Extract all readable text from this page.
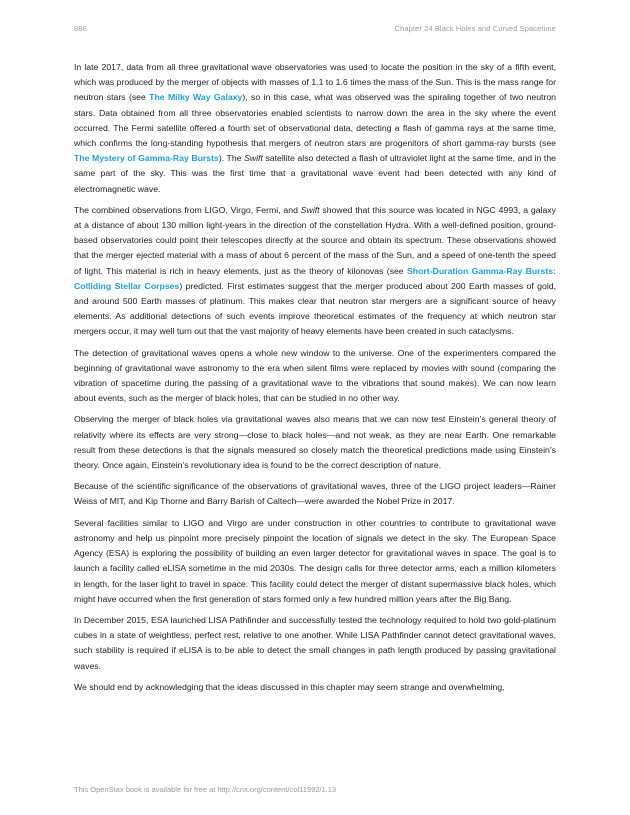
886	Chapter 24 Black Holes and Curved Spacetime

In late 2017, data from all three gravitational wave observatories was used to locate the position in the sky of a fifth event, which was produced by the merger of objects with masses of 1.1 to 1.6 times the mass of the Sun. This is the mass range for neutron stars (see The Milky Way Galaxy), so in this case, what was observed was the spiraling together of two neutron stars. Data obtained from all three observatories enabled scientists to narrow down the area in the sky where the event occurred. The Fermi satellite offered a fourth set of observational data, detecting a flash of gamma rays at the same time, which confirms the long-standing hypothesis that mergers of neutron stars are progenitors of short gamma-ray bursts (see The Mystery of Gamma-Ray Bursts). The Swift satellite also detected a flash of ultraviolet light at the same time, and in the same part of the sky. This was the first time that a gravitational wave event had been detected with any kind of electromagnetic wave.

The combined observations from LIGO, Virgo, Fermi, and Swift showed that this source was located in NGC 4993, a galaxy at a distance of about 130 million light-years in the direction of the constellation Hydra. With a well-defined position, ground-based observatories could point their telescopes directly at the source and obtain its spectrum. These observations showed that the merger ejected material with a mass of about 6 percent of the mass of the Sun, and a speed of one-tenth the speed of light. This material is rich in heavy elements, just as the theory of kilonovas (see Short-Duration Gamma-Ray Bursts: Colliding Stellar Corpses) predicted. First estimates suggest that the merger produced about 200 Earth masses of gold, and around 500 Earth masses of platinum. This makes clear that neutron star mergers are a significant source of heavy elements. As additional detections of such events improve theoretical estimates of the frequency at which neutron star mergers occur, it may well turn out that the vast majority of heavy elements have been created in such cataclysms.

The detection of gravitational waves opens a whole new window to the universe. One of the experimenters compared the beginning of gravitational wave astronomy to the era when silent films were replaced by movies with sound (comparing the vibration of spacetime during the passing of a gravitational wave to the vibrations that sound makes). We can now learn about events, such as the merger of black holes, that can be studied in no other way.

Observing the merger of black holes via gravitational waves also means that we can now test Einstein’s general theory of relativity where its effects are very strong—close to black holes—and not weak, as they are near Earth. One remarkable result from these detections is that the signals measured so closely match the theoretical predictions made using Einstein’s theory. Once again, Einstein’s revolutionary idea is found to be the correct description of nature.

Because of the scientific significance of the observations of gravitational waves, three of the LIGO project leaders—Rainer Weiss of MIT, and Kip Thorne and Barry Barish of Caltech—were awarded the Nobel Prize in 2017.

Several facilities similar to LIGO and Virgo are under construction in other countries to contribute to gravitational wave astronomy and help us pinpoint more precisely pinpoint the location of signals we detect in the sky. The European Space Agency (ESA) is exploring the possibility of building an even larger detector for gravitational waves in space. The goal is to launch a facility called eLISA sometime in the mid 2030s. The design calls for three detector arms, each a million kilometers in length, for the laser light to travel in space. This facility could detect the merger of distant supermassive black holes, which might have occurred when the first generation of stars formed only a few hundred million years after the Big Bang.

In December 2015, ESA launched LISA Pathfinder and successfully tested the technology required to hold two gold-platinum cubes in a state of weightless, perfect rest, relative to one another. While LISA Pathfinder cannot detect gravitational waves, such stability is required if eLISA is to be able to detect the small changes in path length produced by passing gravitational waves.

We should end by acknowledging that the ideas discussed in this chapter may seem strange and overwhelming,

This OpenStax book is available for free at http://cnx.org/content/col11992/1.13
